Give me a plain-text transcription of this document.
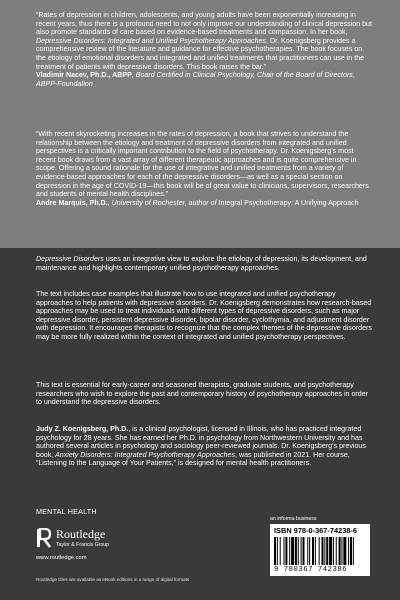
“Rates of depression in children, adolescents, and young adults have been exponentially increasing in recent years, thus there is a profound need to not only improve our understanding of clinical depression but also promote standards of care based on evidence-based treatments and compassion. In her book, Depressive Disorders: Integrated and Unified Psychotherapy Approaches, Dr. Koenigsberg provides a comprehensive review of the literature and guidance for effective psychotherapies. The book focuses on the etiology of emotional disorders and integrated and unified treatments that practitioners can use in the treatment of patients with depressive disorders. This book raises the bar.”
Vladimir Nacev, Ph.D., ABPP, Board Certified in Clinical Psychology, Chair of the Board of Directors, ABPP-Foundation

“With recent skyrocketing increases in the rates of depression, a book that strives to understand the relationship between the etiology and treatment of depressive disorders from integrated and unified perspectives is a critically important contribution to the field of psychotherapy. Dr. Koenigsberg’s most recent book draws from a vast array of different therapeutic approaches and is quite comprehensive in scope. Offering a sound rationale for the use of integrative and unified treatments from a variety of evidence-based approaches for each of the depressive disorders—as well as a special section on depression in the age of COVID-19—this book will be of great value to clinicians, supervisors, researchers and students of mental health disciplines.”
Andre Marquis, Ph.D., University of Rochester, author of Integral Psychotherapy: A Unifying Approach

Depressive Disorders uses an integrative view to explore the etiology of depression, its development, and maintenance and highlights contemporary unified psychotherapy approaches.

The text includes case examples that illustrate how to use integrated and unified psychotherapy approaches to help patients with depressive disorders. Dr. Koenigsberg demonstrates how research-based approaches may be used to treat individuals with different types of depressive disorders, such as major depressive disorder, persistent depressive disorder, bipolar disorder, cyclothymia, and adjustment disorder with depression. It encourages therapists to recognize that the complex themes of the depressive disorders may be more fully realized within the context of integrated and unified psychotherapy perspectives.

This text is essential for early-career and seasoned therapists, graduate students, and psychotherapy researchers who wish to explore the past and contemporary history of psychotherapy approaches in order to understand the depressive disorders.

Judy Z. Koenigsberg, Ph.D., is a clinical psychologist, licensed in Illinois, who has practiced integrated psychology for 28 years. She has earned her Ph.D. in psychology from Northwestern University and has authored several articles in psychology and sociology peer-reviewed journals. Dr. Koenigsberg’s previous book, Anxiety Disorders: Integrated Psychotherapy Approaches, was published in 2021. Her course, “Listening to the Language of Your Patients,” is designed for mental health practitioners.

MENTAL HEALTH
Routledge
Taylor & Francis Group
www.routledge.com
Routledge titles are available as eBook editions in a range of digital formats
an informa business
ISBN 978-0-367-74238-6
9 780367 742386
